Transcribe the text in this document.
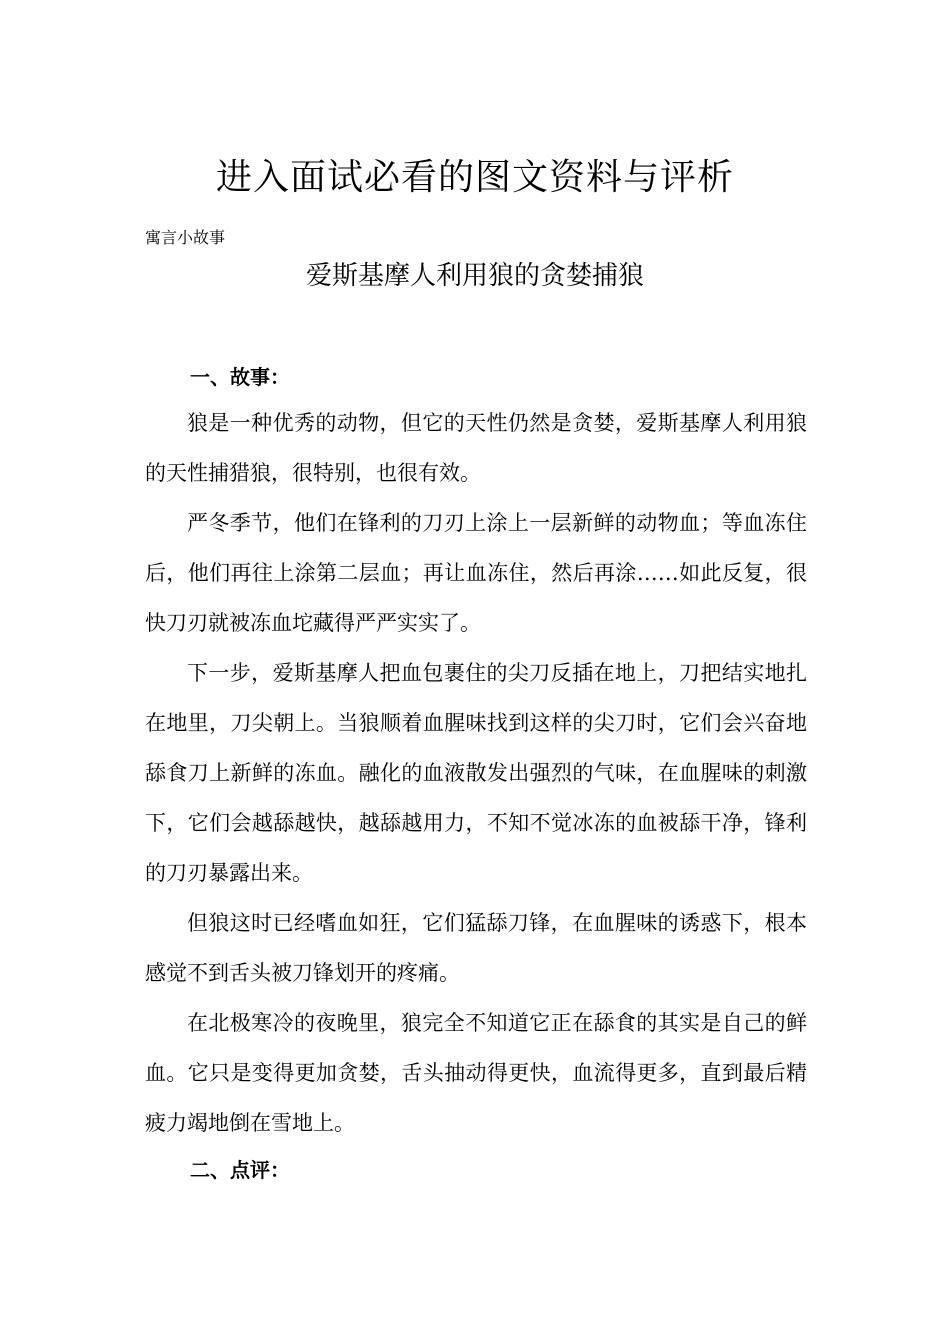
进入面试必看的图文资料与评析
寓言小故事
爱斯基摩人利用狼的贪婪捕狼
一、故事：

狼是一种优秀的动物，但它的天性仍然是贪婪，爱斯基摩人利用狼的天性捕猎狼，很特别，也很有效。

严冬季节，他们在锋利的刀刃上涂上一层新鲜的动物血；等血冻住后，他们再往上涂第二层血；再让血冻住，然后再涂……如此反复，很快刀刃就被冻血坨藏得严严实实了。

下一步，爱斯基摩人把血包裹住的尖刀反插在地上，刀把结实地扎在地里，刀尖朝上。当狼顺着血腥味找到这样的尖刀时，它们会兴奋地舔食刀上新鲜的冻血。融化的血液散发出强烈的气味，在血腥味的刺激下，它们会越舔越快，越舔越用力，不知不觉冰冻的血被舔干净，锋利的刀刃暴露出来。

但狼这时已经嗜血如狂，它们猛舔刀锋，在血腥味的诱惑下，根本感觉不到舌头被刀锋划开的疼痛。

在北极寒冷的夜晚里，狼完全不知道它正在舔食的其实是自己的鲜血。它只是变得更加贪婪，舌头抽动得更快，血流得更多，直到最后精疲力竭地倒在雪地上。

二、点评：
